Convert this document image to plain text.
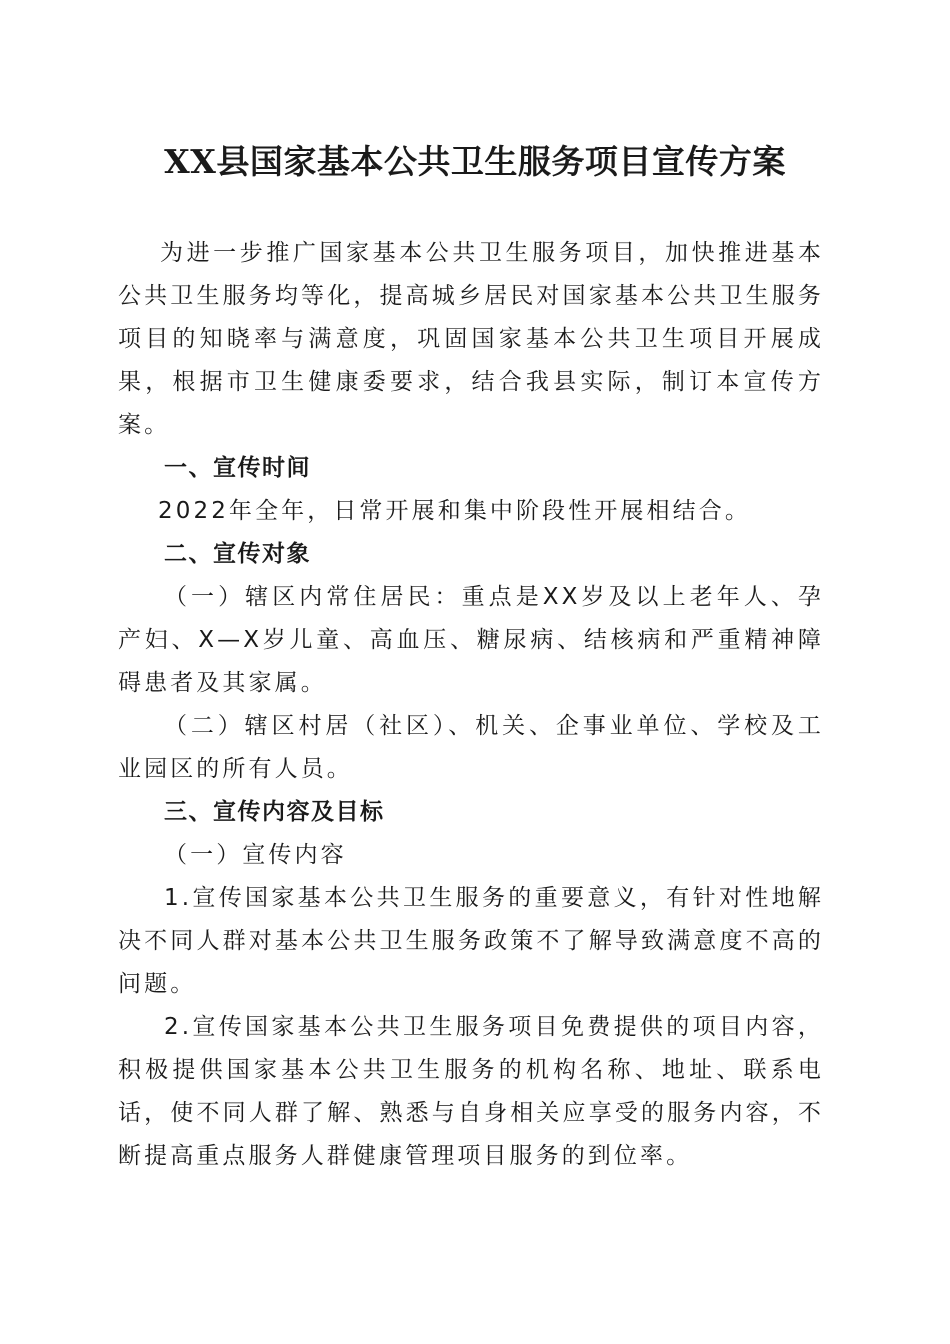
XX县国家基本公共卫生服务项目宣传方案

为进一步推广国家基本公共卫生服务项目，加快推进基本公共卫生服务均等化，提高城乡居民对国家基本公共卫生服务项目的知晓率与满意度，巩固国家基本公共卫生项目开展成果，根据市卫生健康委要求，结合我县实际，制订本宣传方案。

一、宣传时间

2022年全年，日常开展和集中阶段性开展相结合。

二、宣传对象

（一）辖区内常住居民：重点是XX岁及以上老年人、孕产妇、X—X岁儿童、高血压、糖尿病、结核病和严重精神障碍患者及其家属。

（二）辖区村居（社区）、机关、企事业单位、学校及工业园区的所有人员。

三、宣传内容及目标

（一）宣传内容

1.宣传国家基本公共卫生服务的重要意义，有针对性地解决不同人群对基本公共卫生服务政策不了解导致满意度不高的问题。

2.宣传国家基本公共卫生服务项目免费提供的项目内容，积极提供国家基本公共卫生服务的机构名称、地址、联系电话，使不同人群了解、熟悉与自身相关应享受的服务内容，不断提高重点服务人群健康管理项目服务的到位率。
